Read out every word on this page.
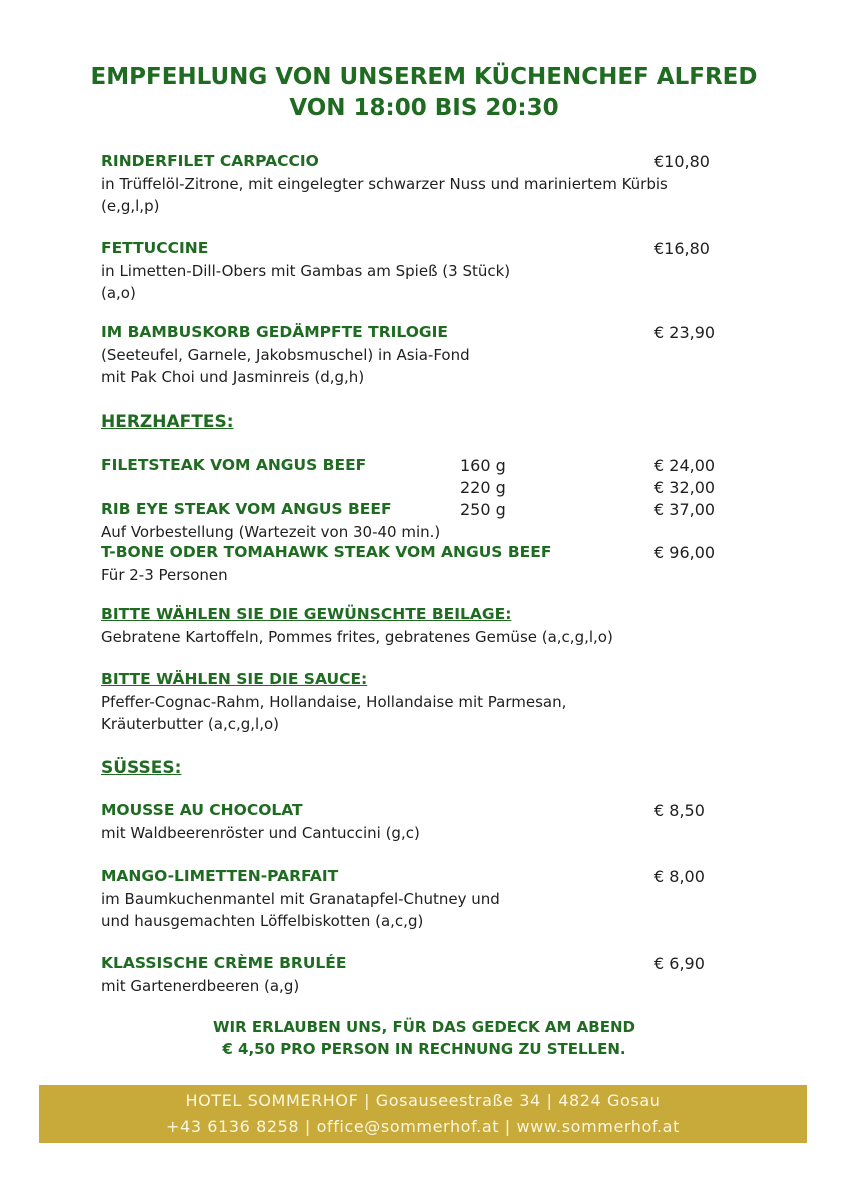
EMPFEHLUNG VON UNSEREM KÜCHENCHEF ALFRED
VON 18:00 BIS 20:30
RINDERFILET CARPACCIO	€10,80
in Trüffelöl-Zitrone, mit eingelegter schwarzer Nuss und mariniertem Kürbis
(e,g,l,p)
FETTUCCINE	€16,80
in Limetten-Dill-Obers mit Gambas am Spieß (3 Stück)
(a,o)
IM BAMBUSKORB GEDÄMPFTE TRILOGIE	€ 23,90
(Seeteufel, Garnele, Jakobsmuschel) in Asia-Fond
mit Pak Choi und Jasminreis (d,g,h)
HERZHAFTES:
FILETSTEAK VOM ANGUS BEEF	160 g	€ 24,00
220 g	€ 32,00
RIB EYE STEAK VOM ANGUS BEEF	250 g	€ 37,00
Auf Vorbestellung (Wartezeit von 30-40 min.)
T-BONE ODER TOMAHAWK STEAK VOM ANGUS BEEF	€ 96,00
Für 2-3 Personen
BITTE WÄHLEN SIE DIE GEWÜNSCHTE BEILAGE:
Gebratene Kartoffeln, Pommes frites, gebratenes Gemüse (a,c,g,l,o)
BITTE WÄHLEN SIE DIE SAUCE:
Pfeffer-Cognac-Rahm, Hollandaise, Hollandaise mit Parmesan,
Kräuterbutter (a,c,g,l,o)
SÜSSES:
MOUSSE AU CHOCOLAT	€ 8,50
mit Waldbeerenröster und Cantuccini (g,c)
MANGO-LIMETTEN-PARFAIT	€ 8,00
im Baumkuchenmantel mit Granatapfel-Chutney und
und hausgemachten Löffelbiskotten (a,c,g)
KLASSISCHE CRÈME BRULÉE	€ 6,90
mit Gartenerdbeeren (a,g)
WIR ERLAUBEN UNS, FÜR DAS GEDECK AM ABEND
€ 4,50 PRO PERSON IN RECHNUNG ZU STELLEN.
HOTEL SOMMERHOF | Gosauseestraße 34 | 4824 Gosau
+43 6136 8258 | office@sommerhof.at | www.sommerhof.at
